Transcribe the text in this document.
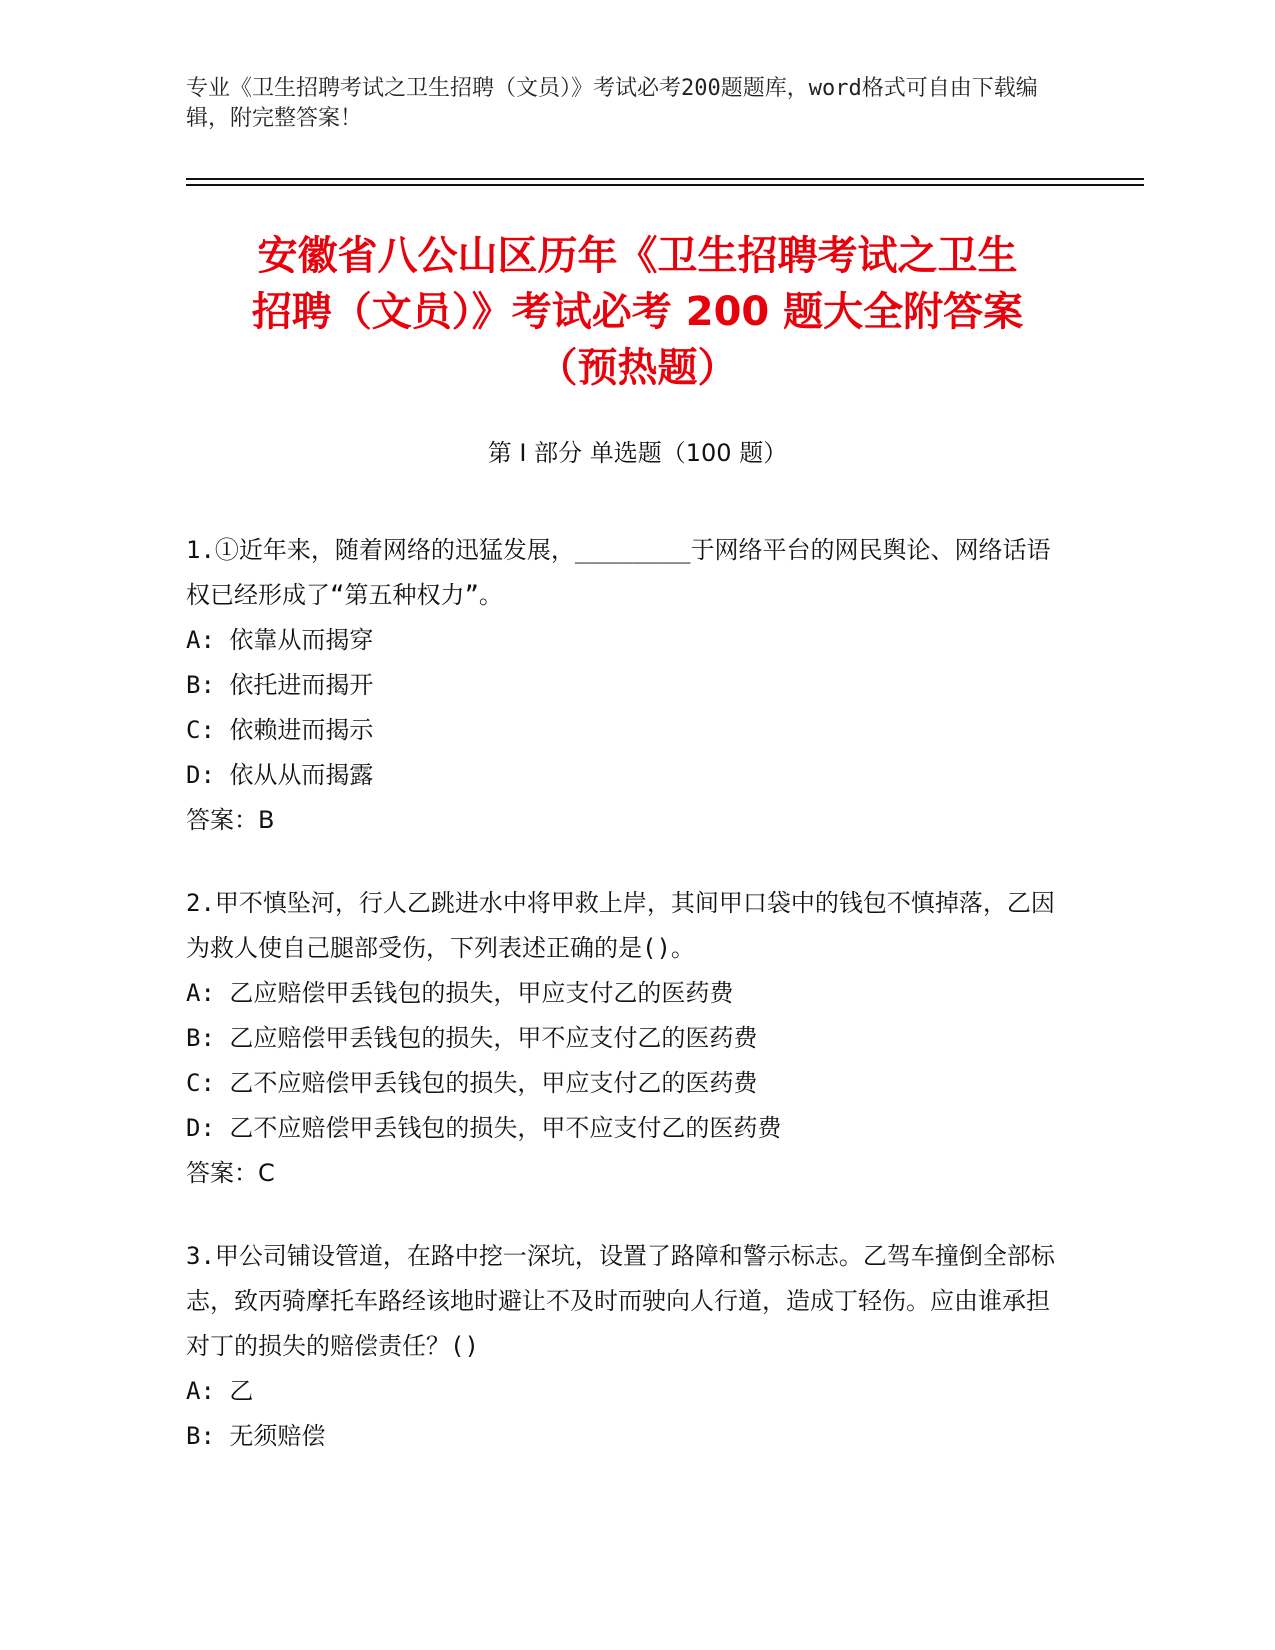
专业《卫生招聘考试之卫生招聘（文员）》考试必考200题题库，word格式可自由下载编辑，附完整答案！
安徽省八公山区历年《卫生招聘考试之卫生
招聘（文员）》考试必考 200 题大全附答案
（预热题）
第 I 部分 单选题（100 题）
1.①近年来，随着网络的迅猛发展，________于网络平台的网民舆论、网络话语权已经形成了“第五种权力”。
A: 依靠从而揭穿
B: 依托进而揭开
C: 依赖进而揭示
D: 依从从而揭露
答案：B
2.甲不慎坠河，行人乙跳进水中将甲救上岸，其间甲口袋中的钱包不慎掉落，乙因为救人使自己腿部受伤，下列表述正确的是()。
A: 乙应赔偿甲丢钱包的损失，甲应支付乙的医药费
B: 乙应赔偿甲丢钱包的损失，甲不应支付乙的医药费
C: 乙不应赔偿甲丢钱包的损失，甲应支付乙的医药费
D: 乙不应赔偿甲丢钱包的损失，甲不应支付乙的医药费
答案：C
3.甲公司铺设管道，在路中挖一深坑，设置了路障和警示标志。乙驾车撞倒全部标志，致丙骑摩托车路经该地时避让不及时而驶向人行道，造成丁轻伤。应由谁承担对丁的损失的赔偿责任？()
A: 乙
B: 无须赔偿
